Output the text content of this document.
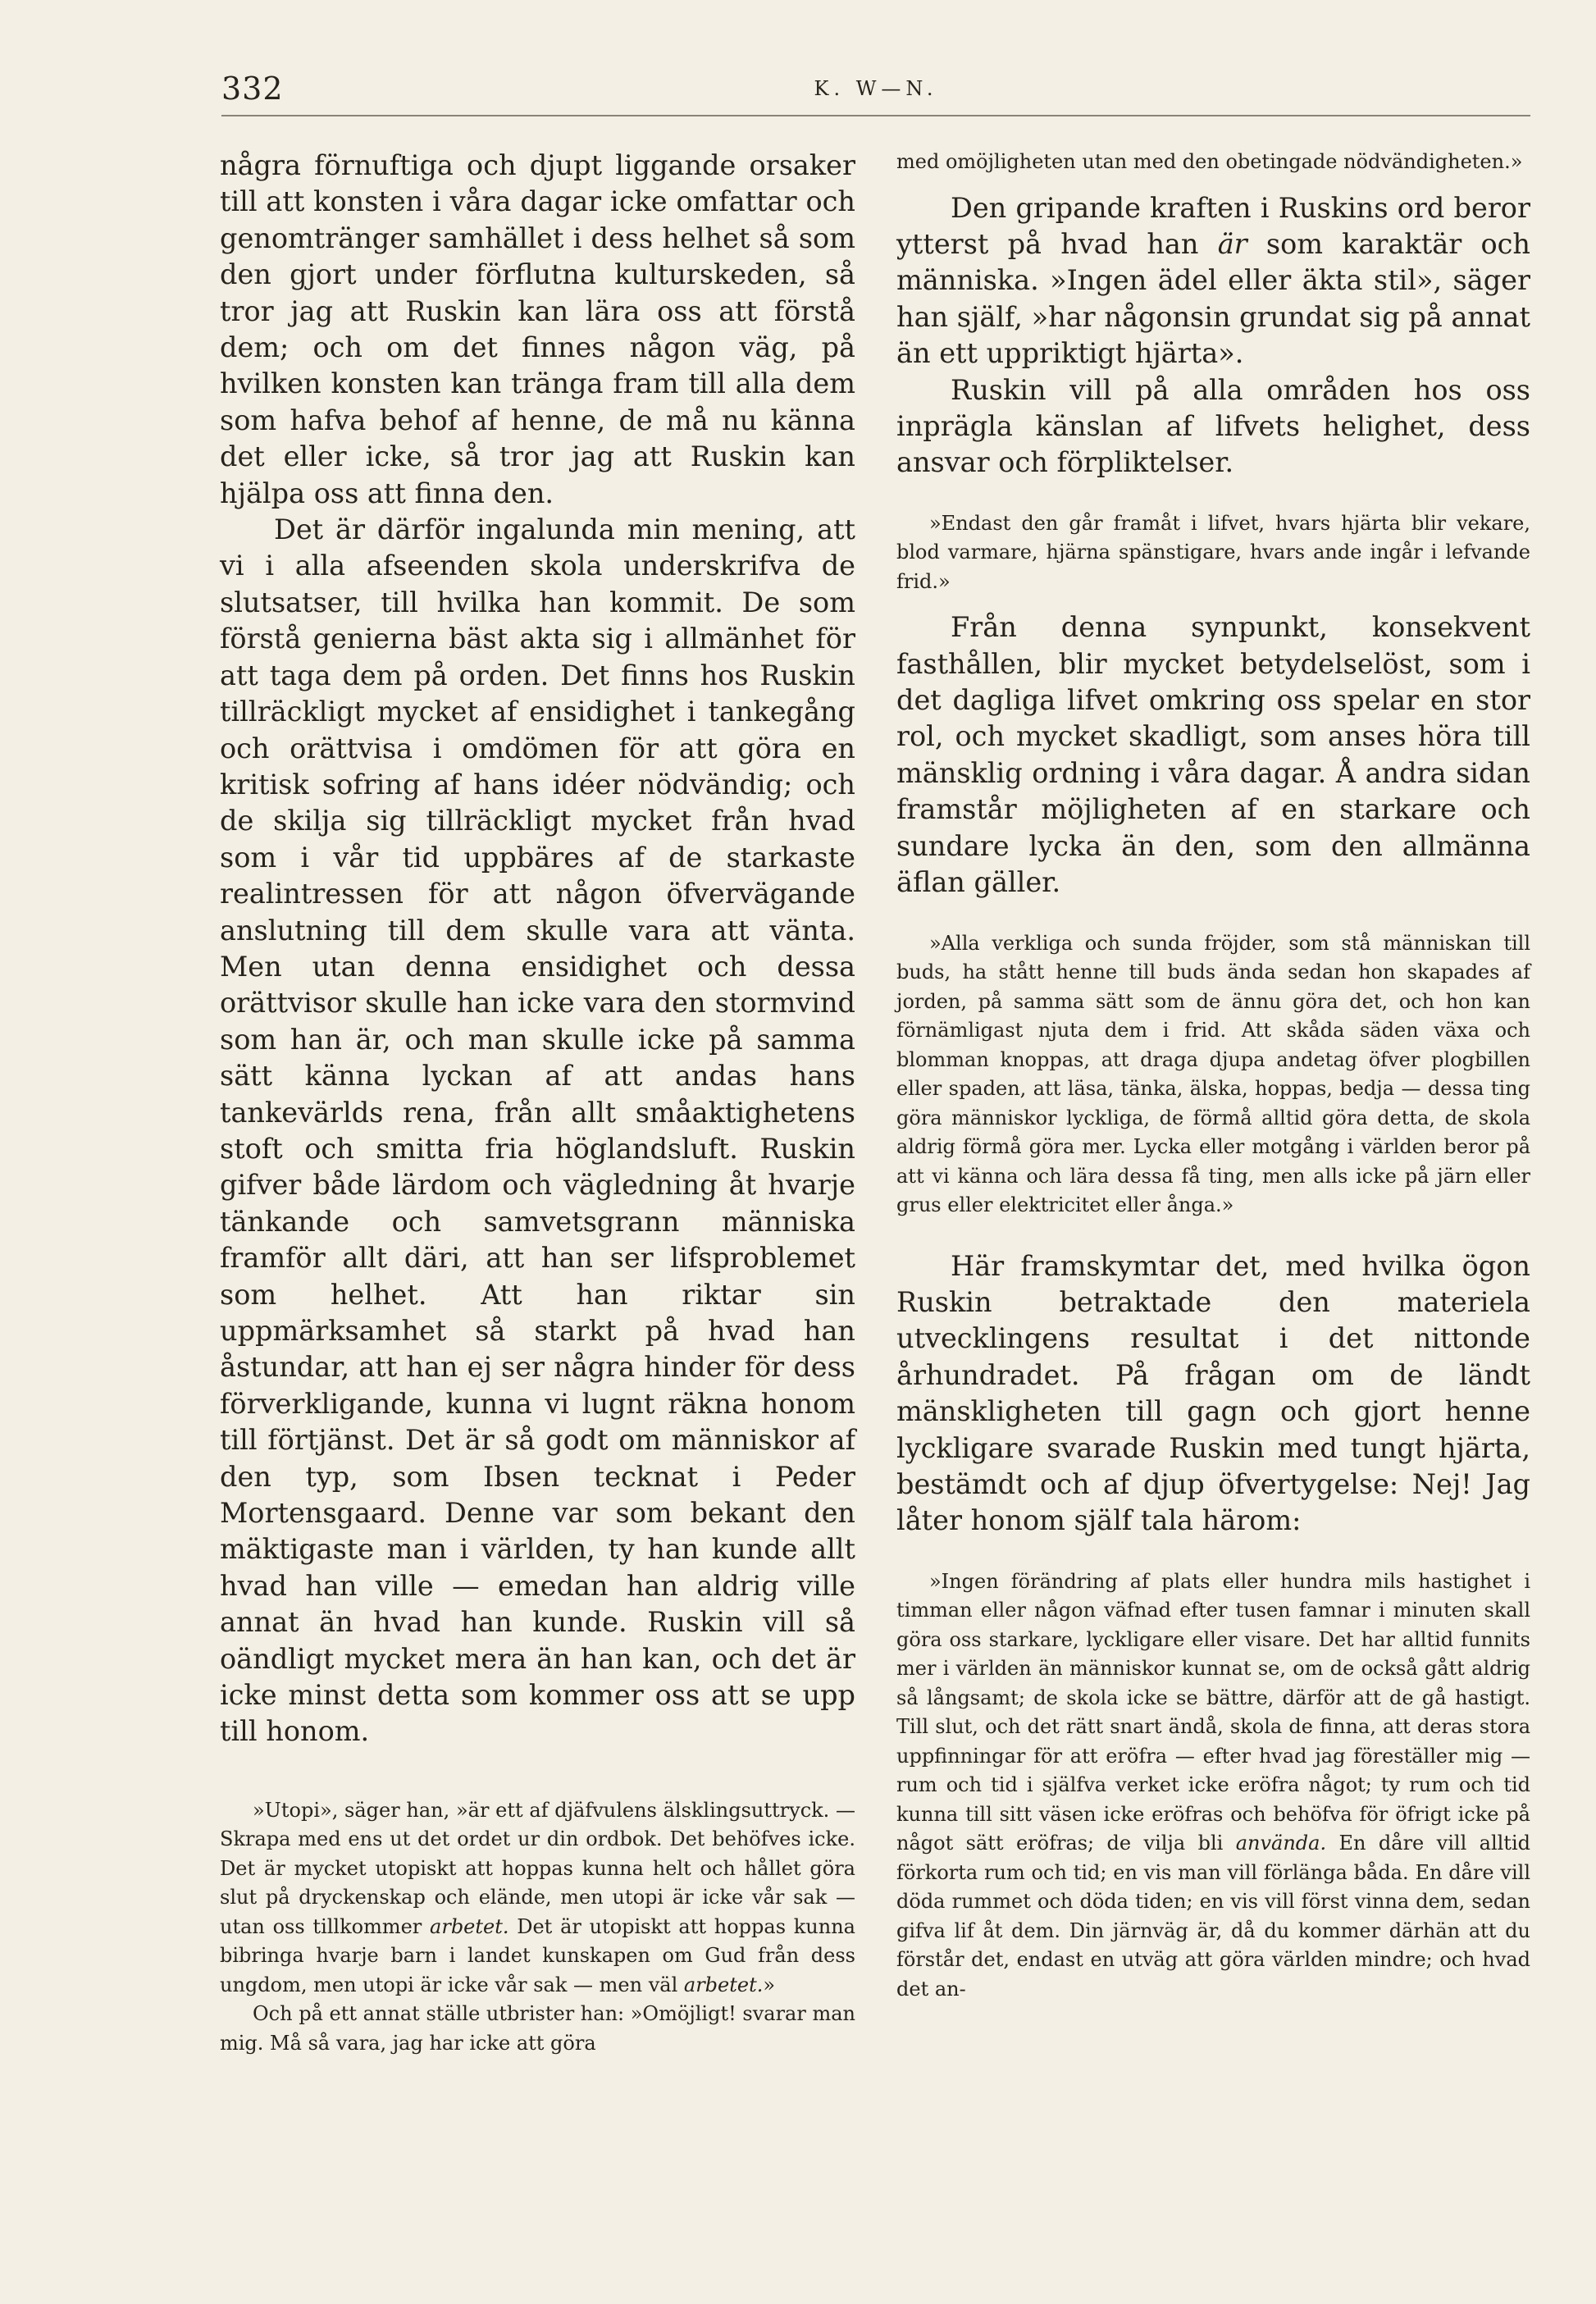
332	K. W—N.

några förnuftiga och djupt liggande orsaker till att konsten i våra dagar icke omfattar och genomtränger samhället i dess helhet så som den gjort under förflutna kulturskeden, så tror jag att Ruskin kan lära oss att förstå dem; och om det finnes någon väg, på hvilken konsten kan tränga fram till alla dem som hafva behof af henne, de må nu känna det eller icke, så tror jag att Ruskin kan hjälpa oss att finna den.

Det är därför ingalunda min mening, att vi i alla afseenden skola underskrifva de slutsatser, till hvilka han kommit. De som förstå genierna bäst akta sig i allmänhet för att taga dem på orden. Det finns hos Ruskin tillräckligt mycket af ensidighet i tankegång och orättvisa i omdömen för att göra en kritisk sofring af hans idéer nödvändig; och de skilja sig tillräckligt mycket från hvad som i vår tid uppbäres af de starkaste realintressen för att någon öfvervägande anslutning till dem skulle vara att vänta. Men utan denna ensidighet och dessa orättvisor skulle han icke vara den stormvind som han är, och man skulle icke på samma sätt känna lyckan af att andas hans tankevärlds rena, från allt småaktighetens stoft och smitta fria höglandsluft. Ruskin gifver både lärdom och vägledning åt hvarje tänkande och samvetsgrann människa framför allt däri, att han ser lifsproblemet som helhet. Att han riktar sin uppmärksamhet så starkt på hvad han åstundar, att han ej ser några hinder för dess förverkligande, kunna vi lugnt räkna honom till förtjänst. Det är så godt om människor af den typ, som Ibsen tecknat i Peder Mortensgaard. Denne var som bekant den mäktigaste man i världen, ty han kunde allt hvad han ville — emedan han aldrig ville annat än hvad han kunde. Ruskin vill så oändligt mycket mera än han kan, och det är icke minst detta som kommer oss att se upp till honom.

»Utopi», säger han, »är ett af djäfvulens älsklingsuttryck. — Skrapa med ens ut det ordet ur din ordbok. Det behöfves icke. Det är mycket utopiskt att hoppas kunna helt och hållet göra slut på dryckenskap och elände, men utopi är icke vår sak — utan oss tillkommer arbetet. Det är utopiskt att hoppas kunna bibringa hvarje barn i landet kunskapen om Gud från dess ungdom, men utopi är icke vår sak — men väl arbetet.»

Och på ett annat ställe utbrister han: »Omöjligt! svarar man mig. Må så vara, jag har icke att göra

med omöjligheten utan med den obetingade nödvändigheten.»

Den gripande kraften i Ruskins ord beror ytterst på hvad han är som karaktär och människa. »Ingen ädel eller äkta stil», säger han själf, »har någonsin grundat sig på annat än ett uppriktigt hjärta».

Ruskin vill på alla områden hos oss inprägla känslan af lifvets helighet, dess ansvar och förpliktelser.

»Endast den går framåt i lifvet, hvars hjärta blir vekare, blod varmare, hjärna spänstigare, hvars ande ingår i lefvande frid.»

Från denna synpunkt, konsekvent fasthållen, blir mycket betydelselöst, som i det dagliga lifvet omkring oss spelar en stor rol, och mycket skadligt, som anses höra till mänsklig ordning i våra dagar. Å andra sidan framstår möjligheten af en starkare och sundare lycka än den, som den allmänna äflan gäller.

»Alla verkliga och sunda fröjder, som stå människan till buds, ha stått henne till buds ända sedan hon skapades af jorden, på samma sätt som de ännu göra det, och hon kan förnämligast njuta dem i frid. Att skåda säden växa och blomman knoppas, att draga djupa andetag öfver plogbillen eller spaden, att läsa, tänka, älska, hoppas, bedja — dessa ting göra människor lyckliga, de förmå alltid göra detta, de skola aldrig förmå göra mer. Lycka eller motgång i världen beror på att vi känna och lära dessa få ting, men alls icke på järn eller grus eller elektricitet eller ånga.»

Här framskymtar det, med hvilka ögon Ruskin betraktade den materiela utvecklingens resultat i det nittonde århundradet. På frågan om de ländt mänskligheten till gagn och gjort henne lyckligare svarade Ruskin med tungt hjärta, bestämdt och af djup öfvertygelse: Nej! Jag låter honom själf tala härom:

»Ingen förändring af plats eller hundra mils hastighet i timman eller någon väfnad efter tusen famnar i minuten skall göra oss starkare, lyckligare eller visare. Det har alltid funnits mer i världen än människor kunnat se, om de också gått aldrig så långsamt; de skola icke se bättre, därför att de gå hastigt. Till slut, och det rätt snart ändå, skola de finna, att deras stora uppfinningar för att eröfra — efter hvad jag föreställer mig — rum och tid i själfva verket icke eröfra något; ty rum och tid kunna till sitt väsen icke eröfras och behöfva för öfrigt icke på något sätt eröfras; de vilja bli använda. En dåre vill alltid förkorta rum och tid; en vis man vill förlänga båda. En dåre vill döda rummet och döda tiden; en vis vill först vinna dem, sedan gifva lif åt dem. Din järnväg är, då du kommer därhän att du förstår det, endast en utväg att göra världen mindre; och hvad det an-
